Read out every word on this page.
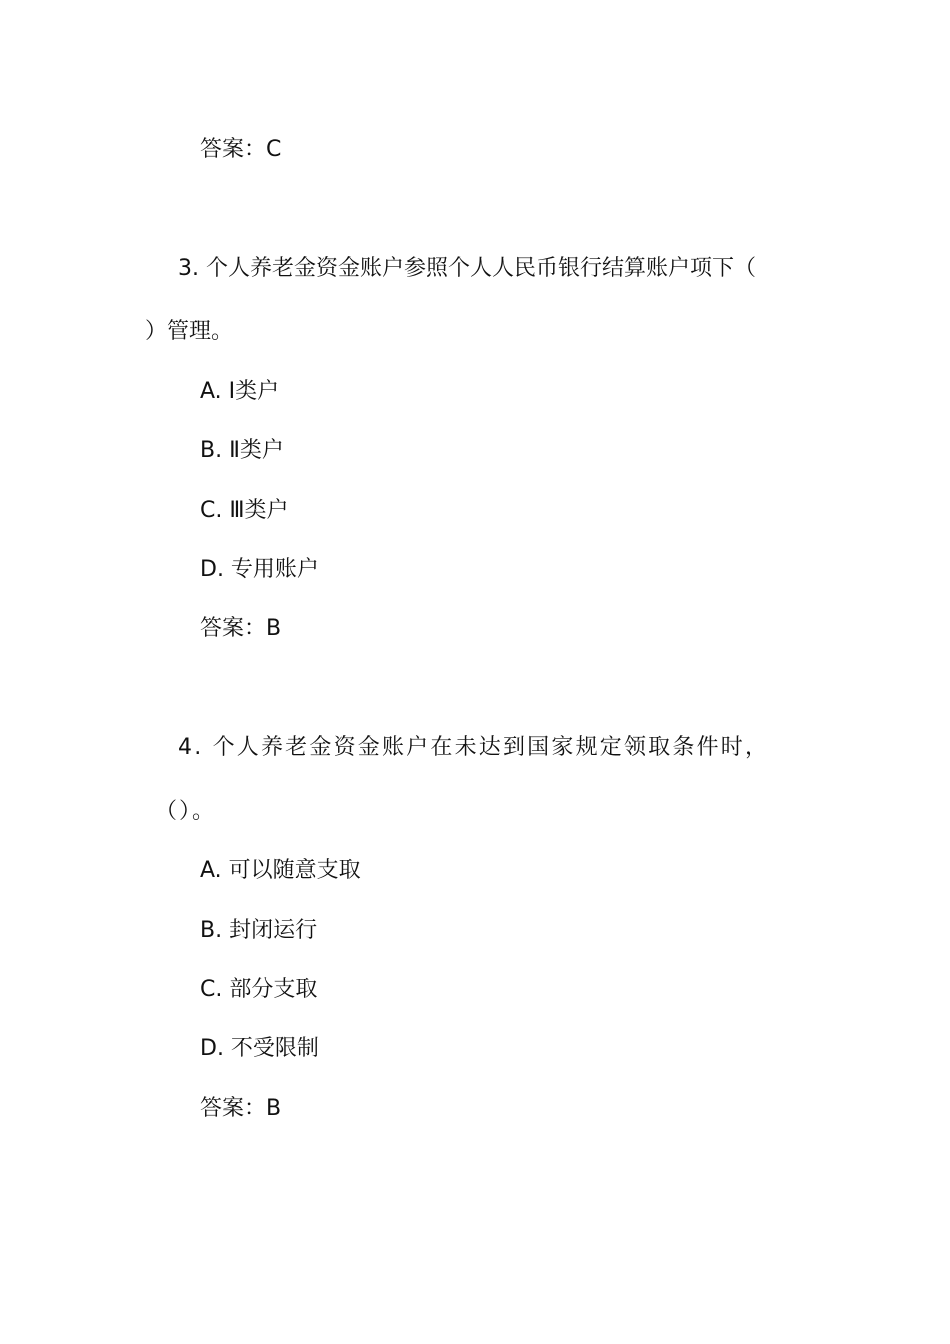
答案：C
3. 个人养老金资金账户参照个人人民币银行结算账户项下（
）管理。
A. Ⅰ类户
B. Ⅱ类户
C. Ⅲ类户
D. 专用账户
答案：B
4. 个人养老金资金账户在未达到国家规定领取条件时，
（）。
A. 可以随意支取
B. 封闭运行
C. 部分支取
D. 不受限制
答案：B
